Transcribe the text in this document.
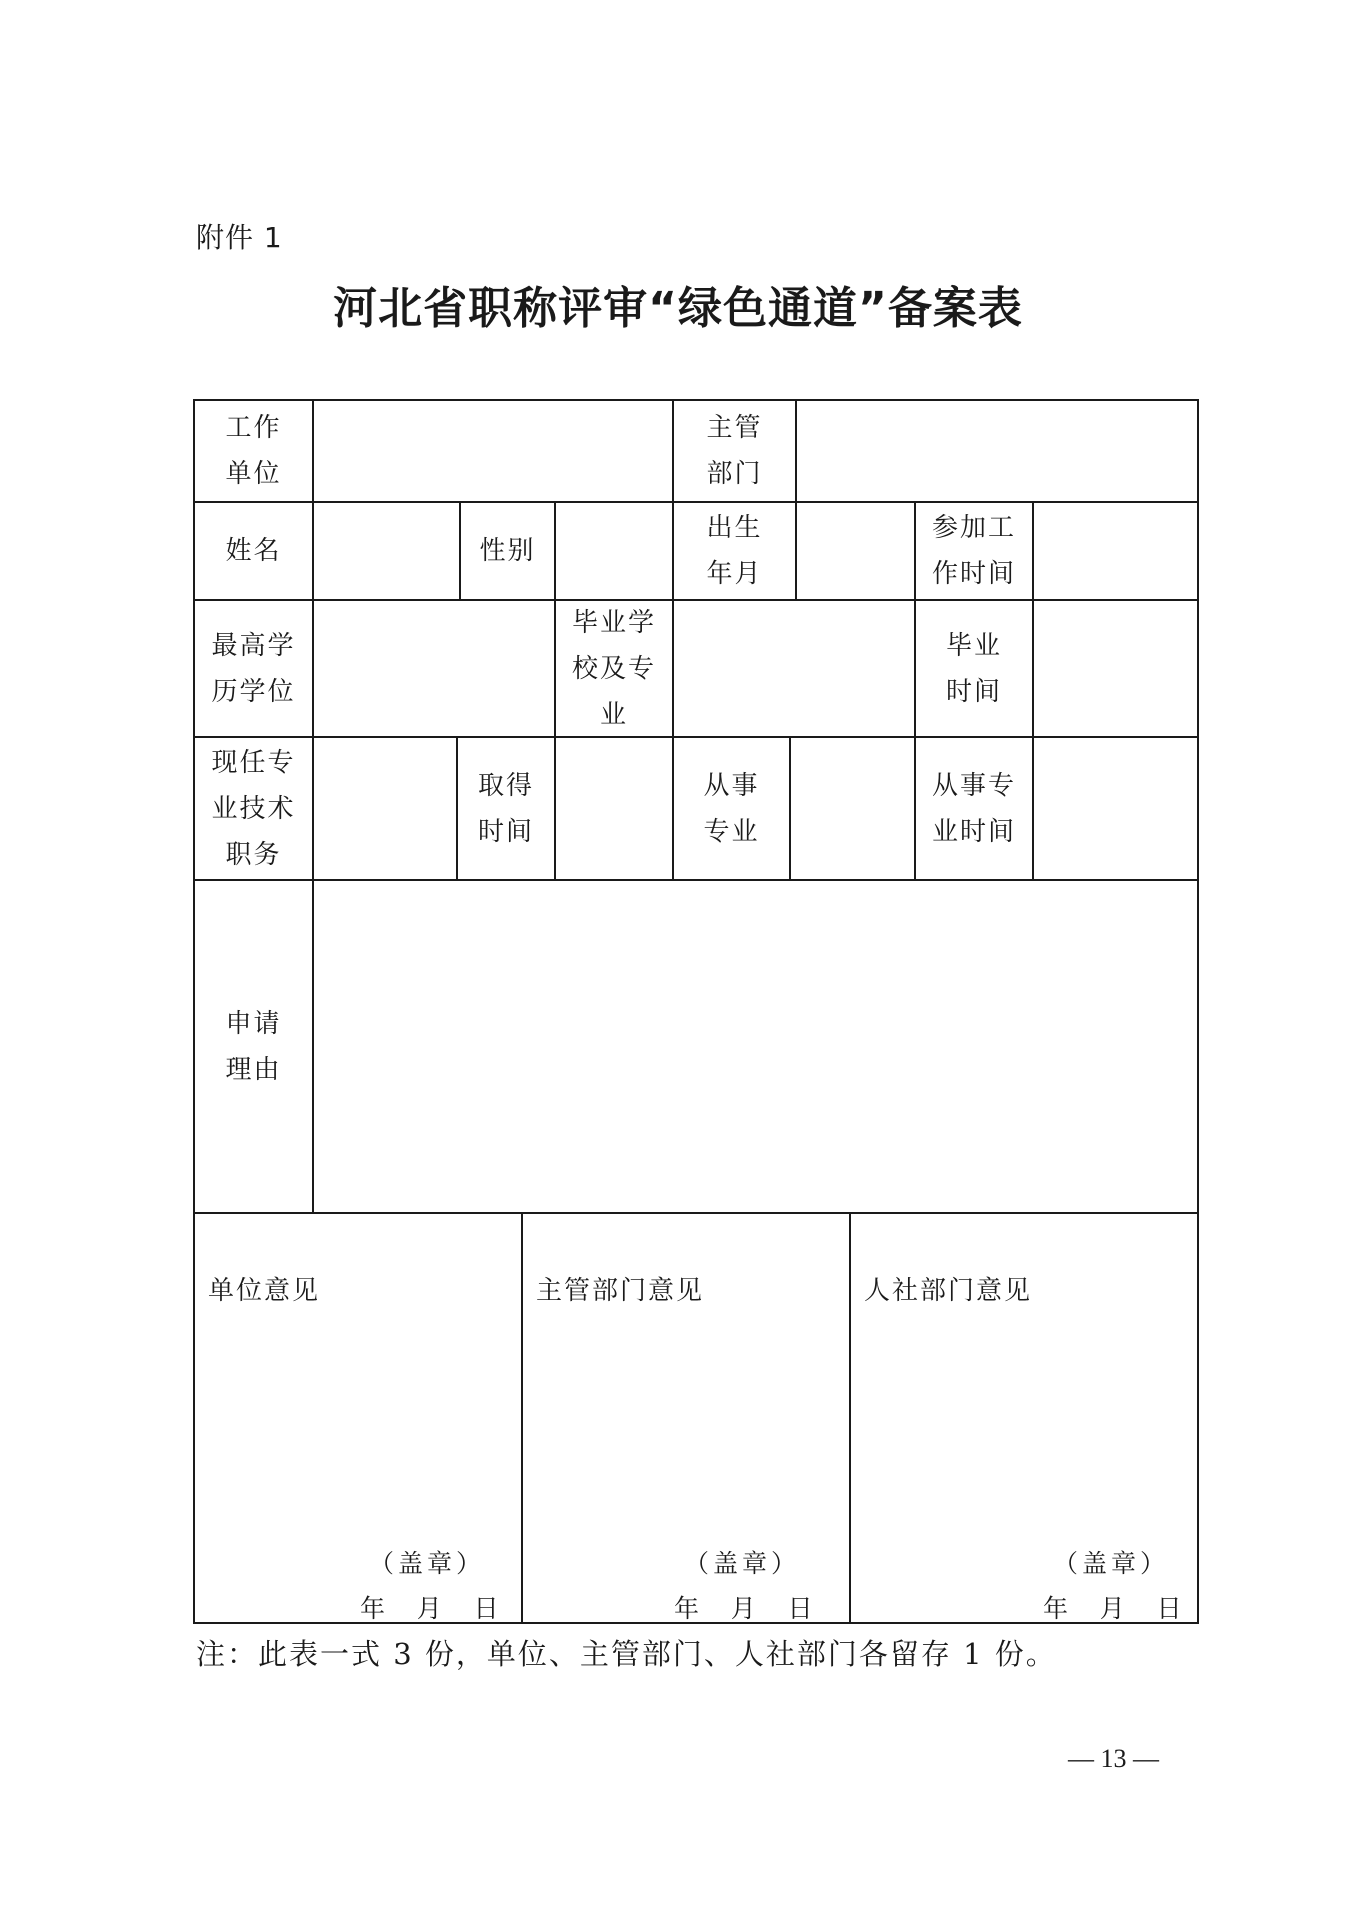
附件 1
河北省职称评审“绿色通道”备案表
工作
单位
主管
部门
姓名	性别
出生
年月
参加工
作时间
最高学
历学位
毕业学
校及专
业
毕业
时间
现任专
业技术
职务
取得
时间
从事
专业
从事专
业时间
申请
理由
单位意见
（盖章）
年    月    日
主管部门意见
（盖章）
年    月    日
人社部门意见
（盖章）
年    月    日
注：此表一式 3 份，单位、主管部门、人社部门各留存 1 份。
— 13 —
